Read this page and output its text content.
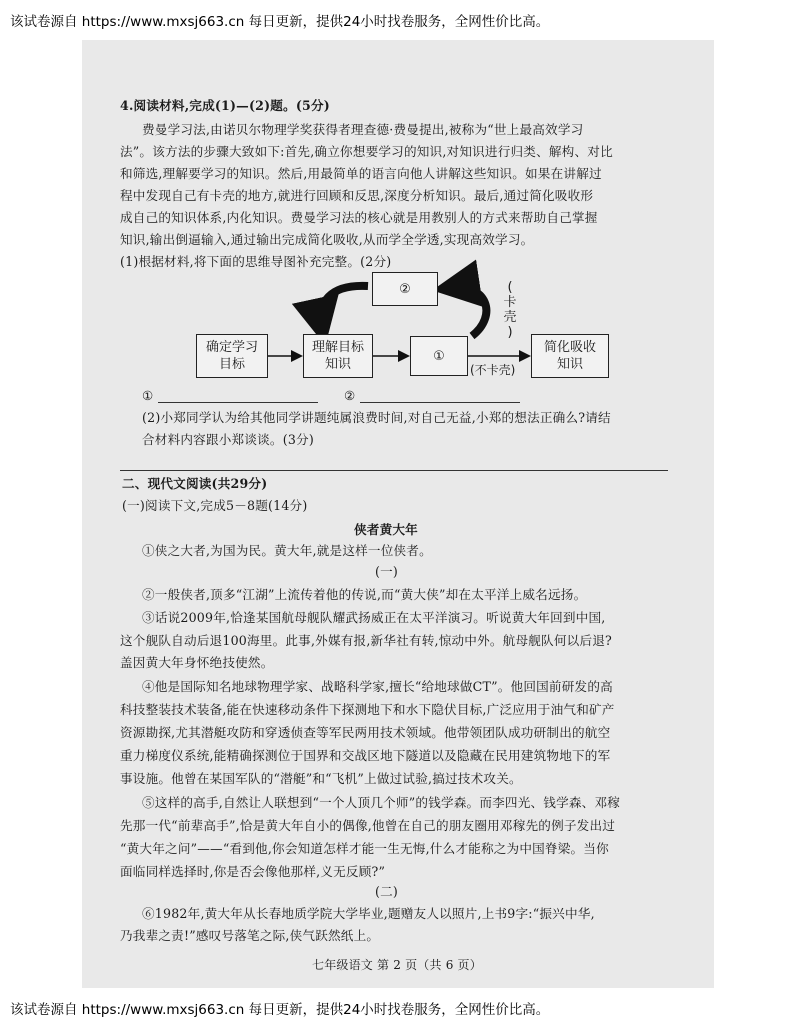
该试卷源自 https://www.mxsj663.cn 每日更新，提供24小时找卷服务，全网性价比高。
该试卷源自 https://www.mxsj663.cn 每日更新，提供24小时找卷服务，全网性价比高。
4.阅读材料,完成(1)—(2)题。(5分)
费曼学习法,由诺贝尔物理学奖获得者理查德·费曼提出,被称为“世上最高效学习
法”。该方法的步骤大致如下:首先,确立你想要学习的知识,对知识进行归类、解构、对比
和筛选,理解要学习的知识。然后,用最简单的语言向他人讲解这些知识。如果在讲解过
程中发现自己有卡壳的地方,就进行回顾和反思,深度分析知识。最后,通过简化吸收形
成自己的知识体系,内化知识。费曼学习法的核心就是用教别人的方式来帮助自己掌握
知识,输出倒逼输入,通过输出完成简化吸收,从而学全学透,实现高效学习。
(1)根据材料,将下面的思维导图补充完整。(2分)
确定学习
目标
理解目标
知识
①
②
简化吸收
知识
(
卡
壳
)
(不卡壳)
①	②
(2)小郑同学认为给其他同学讲题纯属浪费时间,对自己无益,小郑的想法正确么?请结
合材料内容跟小郑谈谈。(3分)
二、现代文阅读(共29分)
(一)阅读下文,完成5－8题(14分)
侠者黄大年
①侠之大者,为国为民。黄大年,就是这样一位侠者。
(一)
②一般侠者,顶多“江湖”上流传着他的传说,而“黄大侠”却在太平洋上威名远扬。
③话说2009年,恰逢某国航母舰队耀武扬威正在太平洋演习。听说黄大年回到中国,
这个舰队自动后退100海里。此事,外媒有报,新华社有转,惊动中外。航母舰队何以后退?
盖因黄大年身怀绝技使然。
④他是国际知名地球物理学家、战略科学家,擅长“给地球做CT”。他回国前研发的高
科技整装技术装备,能在快速移动条件下探测地下和水下隐伏目标,广泛应用于油气和矿产
资源勘探,尤其潜艇攻防和穿透侦查等军民两用技术领域。他带领团队成功研制出的航空
重力梯度仪系统,能精确探测位于国界和交战区地下隧道以及隐藏在民用建筑物地下的军
事设施。他曾在某国军队的“潜艇”和“飞机”上做过试验,搞过技术攻关。
⑤这样的高手,自然让人联想到“一个人顶几个师”的钱学森。而李四光、钱学森、邓稼
先那一代“前辈高手”,恰是黄大年自小的偶像,他曾在自己的朋友圈用邓稼先的例子发出过
“黄大年之问”——“看到他,你会知道怎样才能一生无悔,什么才能称之为中国脊梁。当你
面临同样选择时,你是否会像他那样,义无反顾?”
(二)
⑥1982年,黄大年从长春地质学院大学毕业,题赠友人以照片,上书9字:“振兴中华,
乃我辈之责!”感叹号落笔之际,侠气跃然纸上。
七年级语文 第 2 页（共 6 页）
